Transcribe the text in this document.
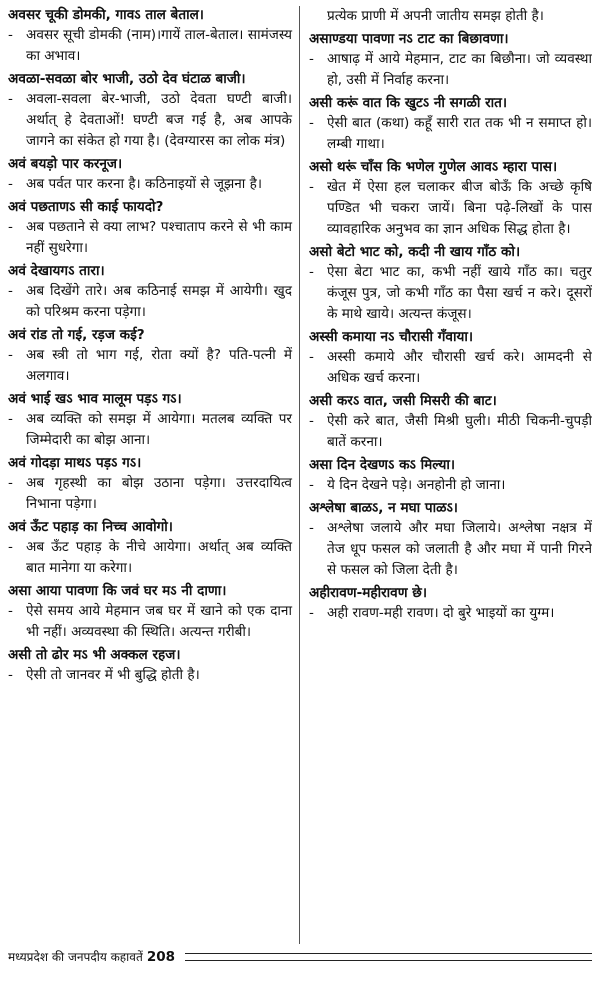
अवसर चूकी डोमकी, गावऽ ताल बेताल।
- अवसर सूची डोमकी (नाम)।गायें ताल-बेताल। सामंजस्य का अभाव।
अवळा-सवळा बोर भाजी, उठो देव घंटाळ बाजी।
- अवला-सवला बेर-भाजी, उठो देवता घण्टी बाजी। अर्थात् हे देवताओं! घण्टी बज गई है, अब आपके जागने का संकेत हो गया है। (देवग्यारस का लोक मंत्र)
अवं बयड़ो पार करनूज।
- अब पर्वत पार करना है। कठिनाइयों से जूझना है।
अवं पछताणऽ सी काई फायदो?
- अब पछताने से क्या लाभ? पश्चाताप करने से भी काम नहीं सुधरेगा।
अवं देखायगऽ तारा।
- अब दिखेंगे तारे। अब कठिनाई समझ में आयेगी। खुद को परिश्रम करना पड़ेगा।
अवं रांड तो गई, रड़ज कई?
- अब स्त्री तो भाग गई, रोता क्यों है? पति-पत्नी में अलगाव।
अवं भाई खऽ भाव मालूम पड़ऽ गऽ।
- अब व्यक्ति को समझ में आयेगा। मतलब व्यक्ति पर जिम्मेदारी का बोझ आना।
अवं गोदड़ा माथऽ पड़ऽ गऽ।
- अब गृहस्थी का बोझ उठाना पड़ेगा। उत्तरदायित्व निभाना पड़ेगा।
अवं ऊँट पहाड़ का निच्च आवोगो।
- अब ऊँट पहाड़ के नीचे आयेगा। अर्थात् अब व्यक्ति बात मानेगा या करेगा।
असा आया पावणा कि जवं घर मऽ नी दाणा।
- ऐसे समय आये मेहमान जब घर में खाने को एक दाना भी नहीं। अव्यवस्था की स्थिति। अत्यन्त गरीबी।
असी तो ढोर मऽ भी अक्कल रहज।
- ऐसी तो जानवर में भी बुद्धि होती है।
प्रत्येक प्राणी में अपनी जातीय समझ होती है।
असाण्डया पावणा नऽ टाट का बिछावणा।
- आषाढ़ में आये मेहमान, टाट का बिछौना। जो व्यवस्था हो, उसी में निर्वाह करना।
असी करूं वात कि खुटऽ नी सगळी रात।
- ऐसी बात (कथा) कहूँ सारी रात तक भी न समाप्त हो। लम्बी गाथा।
असो थरूं चाँस कि भणेल गुणेल आवऽ म्हारा पास।
- खेत में ऐसा हल चलाकर बीज बोऊँ कि अच्छे कृषि पण्डित भी चकरा जायें। बिना पढ़े-लिखों के पास व्यावहारिक अनुभव का ज्ञान अधिक सिद्ध होता है।
असो बेटो भाट को, कदी नी खाय गाँठ को।
- ऐसा बेटा भाट का, कभी नहीं खाये गाँठ का। चतुर कंजूस पुत्र, जो कभी गाँठ का पैसा खर्च न करे। दूसरों के माथे खाये। अत्यन्त कंजूस।
अस्सी कमाया नऽ चौरासी गँवाया।
- अस्सी कमाये और चौरासी खर्च करे। आमदनी से अधिक खर्च करना।
असी करऽ वात, जसी मिसरी की बाट।
- ऐसी करे बात, जैसी मिश्री घुली। मीठी चिकनी-चुपड़ी बातें करना।
असा दिन देखणऽ कऽ मिल्या।
- ये दिन देखने पड़े। अनहोनी हो जाना।
अश्लेषा बाळऽ, न मघा पाळऽ।
- अश्लेषा जलाये और मघा जिलाये। अश्लेषा नक्षत्र में तेज धूप फसल को जलाती है और मघा में पानी गिरने से फसल को जिला देती है।
अहीरावण-महीरावण छे।
- अही रावण-मही रावण। दो बुरे भाइयों का युग्म।
मध्यप्रदेश की जनपदीय कहावतें 208
